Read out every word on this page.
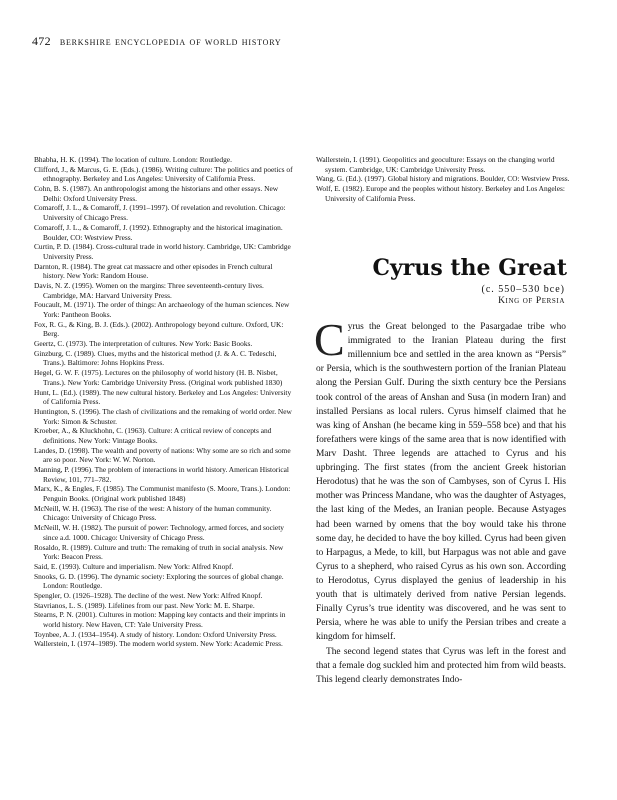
472 berkshire encyclopedia of world history
Bhabha, H. K. (1994). The location of culture. London: Routledge.
Clifford, J., & Marcus, G. E. (Eds.). (1986). Writing culture: The politics and poetics of ethnography. Berkeley and Los Angeles: University of California Press.
Cohn, B. S. (1987). An anthropologist among the historians and other essays. New Delhi: Oxford University Press.
Comaroff, J. L., & Comaroff, J. (1991–1997). Of revelation and revolution. Chicago: University of Chicago Press.
Comaroff, J. L., & Comaroff, J. (1992). Ethnography and the historical imagination. Boulder, CO: Westview Press.
Curtin, P. D. (1984). Cross-cultural trade in world history. Cambridge, UK: Cambridge University Press.
Darnton, R. (1984). The great cat massacre and other episodes in French cultural history. New York: Random House.
Davis, N. Z. (1995). Women on the margins: Three seventeenth-century lives. Cambridge, MA: Harvard University Press.
Foucault, M. (1971). The order of things: An archaeology of the human sciences. New York: Pantheon Books.
Fox, R. G., & King, B. J. (Eds.). (2002). Anthropology beyond culture. Oxford, UK: Berg.
Geertz, C. (1973). The interpretation of cultures. New York: Basic Books.
Ginzburg, C. (1989). Clues, myths and the historical method (J. & A. C. Tedeschi, Trans.). Baltimore: Johns Hopkins Press.
Hegel, G. W. F. (1975). Lectures on the philosophy of world history (H. B. Nisbet, Trans.). New York: Cambridge University Press. (Original work published 1830)
Hunt, L. (Ed.). (1989). The new cultural history. Berkeley and Los Angeles: University of California Press.
Huntington, S. (1996). The clash of civilizations and the remaking of world order. New York: Simon & Schuster.
Kroeber, A., & Kluckhohn, C. (1963). Culture: A critical review of concepts and definitions. New York: Vintage Books.
Landes, D. (1998). The wealth and poverty of nations: Why some are so rich and some are so poor. New York: W. W. Norton.
Manning, P. (1996). The problem of interactions in world history. American Historical Review, 101, 771–782.
Marx, K., & Engles, F. (1985). The Communist manifesto (S. Moore, Trans.). London: Penguin Books. (Original work published 1848)
McNeill, W. H. (1963). The rise of the west: A history of the human community. Chicago: University of Chicago Press.
McNeill, W. H. (1982). The pursuit of power: Technology, armed forces, and society since a.d. 1000. Chicago: University of Chicago Press.
Rosaldo, R. (1989). Culture and truth: The remaking of truth in social analysis. New York: Beacon Press.
Said, E. (1993). Culture and imperialism. New York: Alfred Knopf.
Snooks, G. D. (1996). The dynamic society: Exploring the sources of global change. London: Routledge.
Spengler, O. (1926–1928). The decline of the west. New York: Alfred Knopf.
Stavrianos, L. S. (1989). Lifelines from our past. New York: M. E. Sharpe.
Stearns, P. N. (2001). Cultures in motion: Mapping key contacts and their imprints in world history. New Haven, CT: Yale University Press.
Toynbee, A. J. (1934–1954). A study of history. London: Oxford University Press.
Wallerstein, I. (1974–1989). The modern world system. New York: Academic Press.
Wallerstein, I. (1991). Geopolitics and geoculture: Essays on the changing world system. Cambridge, UK: Cambridge University Press.
Wang, G. (Ed.). (1997). Global history and migrations. Boulder, CO: Westview Press.
Wolf, E. (1982). Europe and the peoples without history. Berkeley and Los Angeles: University of California Press.
Cyrus the Great
(c. 550–530 bce)
King of Persia

C yrus the Great belonged to the Pasargadae tribe who immigrated to the Iranian Plateau during the first millennium bce and settled in the area known as “Persis” or Persia, which is the southwestern portion of the Iranian Plateau along the Persian Gulf. During the sixth century bce the Persians took control of the areas of Anshan and Susa (in modern Iran) and installed Persians as local rulers. Cyrus himself claimed that he was king of Anshan (he became king in 559–558 bce) and that his forefathers were kings of the same area that is now identified with Marv Dasht. Three legends are attached to Cyrus and his upbringing. The first states (from the ancient Greek historian Herodotus) that he was the son of Cambyses, son of Cyrus I. His mother was Princess Mandane, who was the daughter of Astyages, the last king of the Medes, an Iranian people. Because Astyages had been warned by omens that the boy would take his throne some day, he decided to have the boy killed. Cyrus had been given to Harpagus, a Mede, to kill, but Harpagus was not able and gave Cyrus to a shepherd, who raised Cyrus as his own son. According to Herodotus, Cyrus displayed the genius of leadership in his youth that is ultimately derived from native Persian legends. Finally Cyrus’s true identity was discovered, and he was sent to Persia, where he was able to unify the Persian tribes and create a kingdom for himself.

The second legend states that Cyrus was left in the forest and that a female dog suckled him and protected him from wild beasts. This legend clearly demonstrates Indo-
